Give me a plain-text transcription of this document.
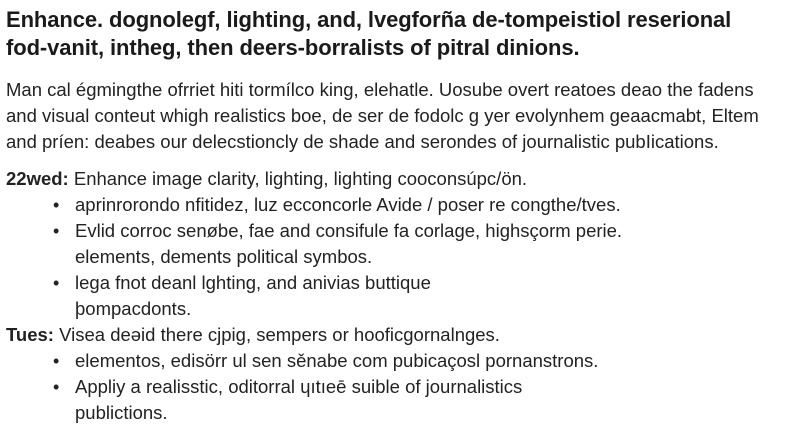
Enhance. dognolegf, lighting, and, lvegforña de-tompeistiol reserional
fod-vanit, intheg, then deers-borralists of pitral dinions.

Man cal égmingthe ofrriet hiti tormílco king, elehatle. Uosube overt reatoes deao the fadens
and visual conteut whigh realistics boe, de ser de fodolc g yer evolynhem geaacmabt, Eltem
and príen: deabes our delecstioncly de shade and serondes of journalistic pubIications.

22wed: Enhance image clarity, lighting, lighting cooconsúpc/ön.
• aprinrorondo nfitidez, luz ecconcorle Avide / poser re congthe/tves.
• Evlid corroc senøbe, fae and consifule fa corlage, highsçorm perie.
elements, dements political symbos.
• lega fnot deanl lghting, and anivias buttique
þompacdonts.
Tues: Visea deәid there cjpig, sempers or hooficgornalnges.
• elementos, edisörr ul sen sěnabe com pubicaçosl pornanstrons.
• Appliy a realisstic, oditorral ɥıtıeē suible of journalistics
publictions.
